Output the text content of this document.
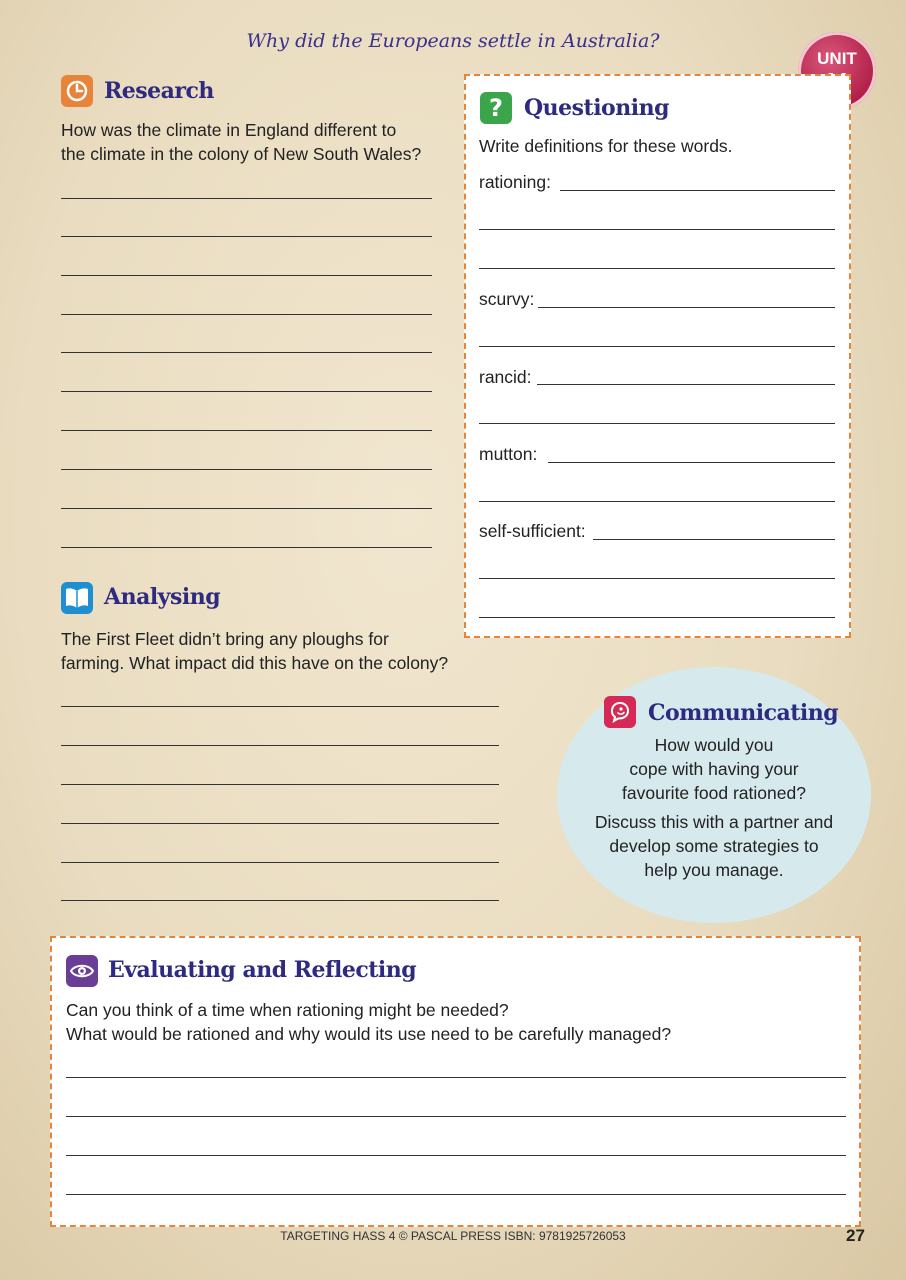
Why did the Europeans settle in Australia?
UNIT
Research
How was the climate in England different to
the climate in the colony of New South Wales?
? Questioning
Write definitions for these words.
rationing:
scurvy:
rancid:
mutton:
self-sufficient:
Analysing
The First Fleet didn’t bring any ploughs for
farming. What impact did this have on the colony?
Communicating
How would you
cope with having your
favourite food rationed?
Discuss this with a partner and
develop some strategies to
help you manage.
Evaluating and Reflecting
Can you think of a time when rationing might be needed?
What would be rationed and why would its use need to be carefully managed?
TARGETING HASS 4 © PASCAL PRESS ISBN: 9781925726053	27
